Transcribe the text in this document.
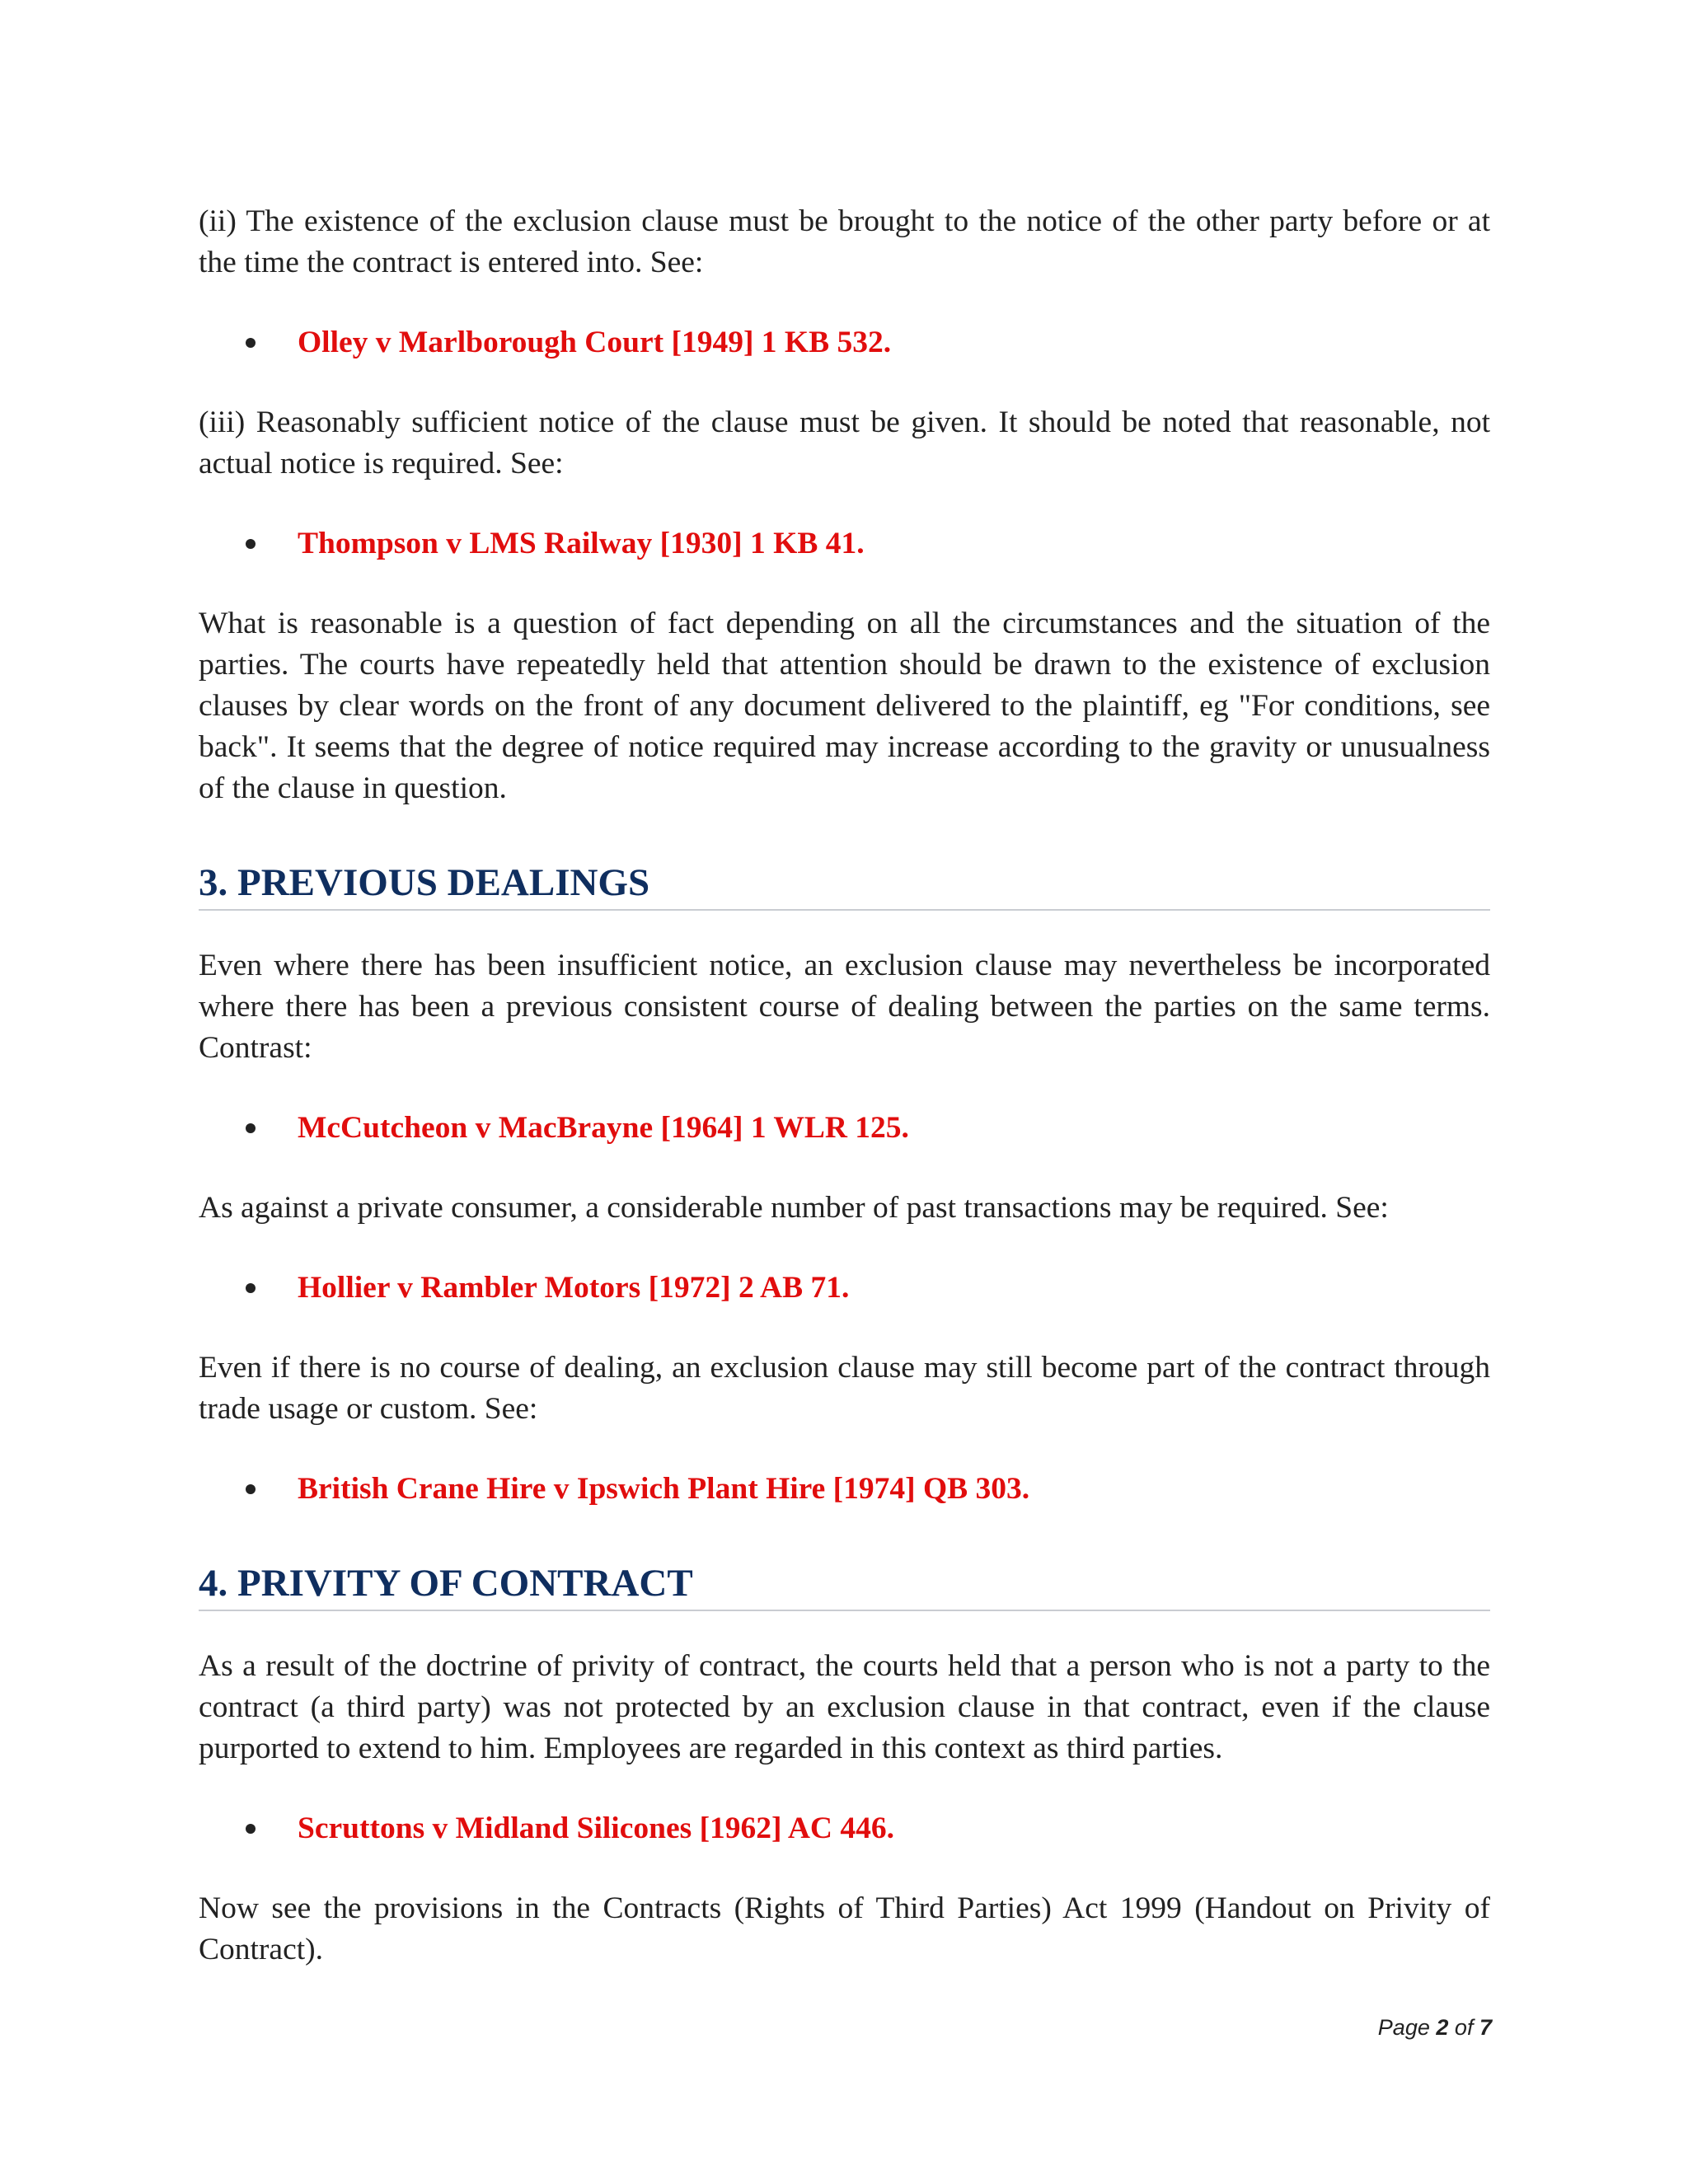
(ii) The existence of the exclusion clause must be brought to the notice of the other party before or at the time the contract is entered into. See:

Olley v Marlborough Court [1949] 1 KB 532.

(iii) Reasonably sufficient notice of the clause must be given. It should be noted that reasonable, not actual notice is required. See:

Thompson v LMS Railway [1930] 1 KB 41.

What is reasonable is a question of fact depending on all the circumstances and the situation of the parties. The courts have repeatedly held that attention should be drawn to the existence of exclusion clauses by clear words on the front of any document delivered to the plaintiff, eg "For conditions, see back". It seems that the degree of notice required may increase according to the gravity or unusualness of the clause in question.

3. PREVIOUS DEALINGS

Even where there has been insufficient notice, an exclusion clause may nevertheless be incorporated where there has been a previous consistent course of dealing between the parties on the same terms. Contrast:

McCutcheon v MacBrayne [1964] 1 WLR 125.

As against a private consumer, a considerable number of past transactions may be required. See:

Hollier v Rambler Motors [1972] 2 AB 71.

Even if there is no course of dealing, an exclusion clause may still become part of the contract through trade usage or custom. See:

British Crane Hire v Ipswich Plant Hire [1974] QB 303.
4. PRIVITY OF CONTRACT

As a result of the doctrine of privity of contract, the courts held that a person who is not a party to the contract (a third party) was not protected by an exclusion clause in that contract, even if the clause purported to extend to him. Employees are regarded in this context as third parties.

Scruttons v Midland Silicones [1962] AC 446.

Now see the provisions in the Contracts (Rights of Third Parties) Act 1999 (Handout on Privity of Contract).

Page 2 of 7
